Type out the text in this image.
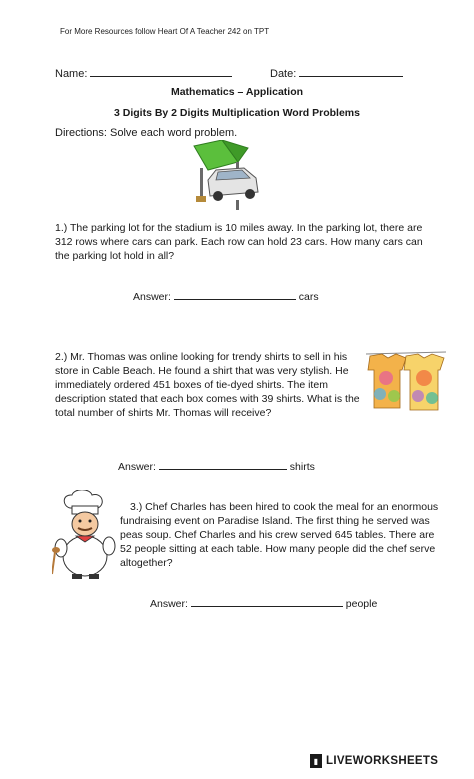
For More Resources follow Heart Of A Teacher 242 on TPT
Name:	Date:
Mathematics – Application
3 Digits By 2 Digits Multiplication Word Problems
Directions: Solve each word problem.
1.) The parking lot for the stadium is 10 miles away. In the parking lot, there are 312 rows where cars can park. Each row can hold 23 cars. How many cars can the parking lot hold in all?
Answer:	cars
2.) Mr. Thomas was online looking for trendy shirts to sell in his store in Cable Beach. He found a shirt that was very stylish. He immediately ordered 451 boxes of tie-dyed shirts. The item description stated that each box comes with 39 shirts. What is the total number of shirts Mr. Thomas will receive?
Answer:	shirts
3.) Chef Charles has been hired to cook the meal for an enormous fundraising event on Paradise Island. The first thing he served was peas soup. Chef Charles and his crew served 645 tables. There are 52 people sitting at each table. How many people did the chef serve altogether?
Answer:	people
▮ LIVEWORKSHEETS
